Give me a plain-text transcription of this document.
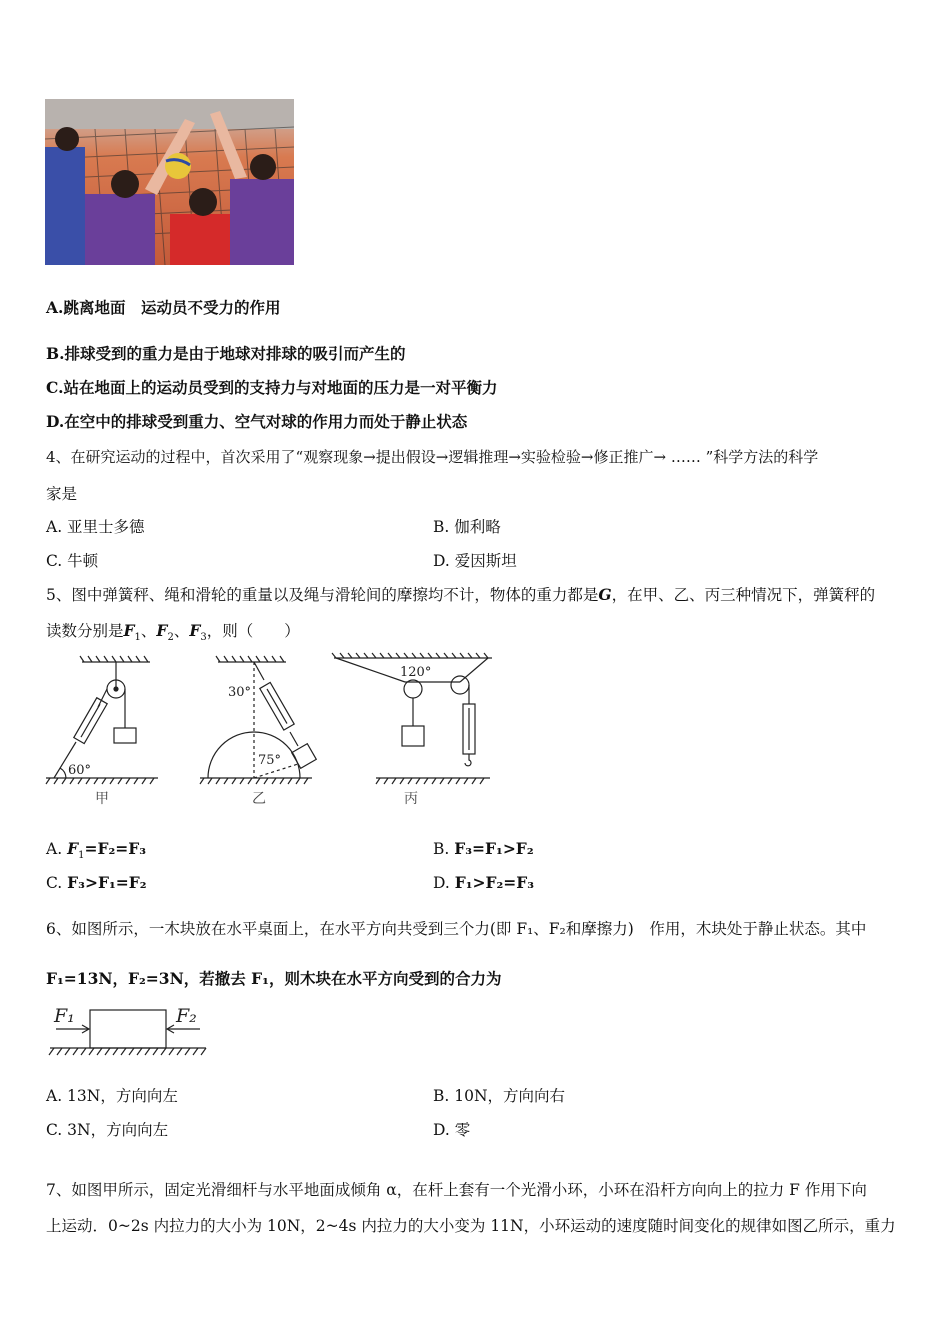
A.跳离地面　运动员不受力的作用
B.排球受到的重力是由于地球对排球的吸引而产生的
C.站在地面上的运动员受到的支持力与对地面的压力是一对平衡力
D.在空中的排球受到重力、空气对球的作用力而处于静止状态
4、在研究运动的过程中，首次采用了“观察现象→提出假设→逻辑推理→实验检验→修正推广→ …… ”科学方法的科学
家是
A. 亚里士多德	B. 伽利略
C. 牛顿	D. 爱因斯坦
5、图中弹簧秤、绳和滑轮的重量以及绳与滑轮间的摩擦均不计，物体的重力都是G，在甲、乙、丙三种情况下，弹簧秤的
读数分别是$F_1$、$F_2$、$F_3$，则（　　）
60°
甲
30°
75°
乙
120°
丙
A. $F_1=F_2=F_3$	B. F₃=F₁>F₂
C. F₃>F₁=F₂	D. F₁>F₂=F₃
6、如图所示，一木块放在水平桌面上，在水平方向共受到三个力(即 F₁、F₂和摩擦力)　作用，木块处于静止状态。其中
F₁=13N，F₂=3N，若撤去 F₁，则木块在水平方向受到的合力为
F₁	F₂
A. 13N，方向向左	B. 10N，方向向右
C. 3N，方向向左	D. 零
7、如图甲所示，固定光滑细杆与水平地面成倾角 α，在杆上套有一个光滑小环，小环在沿杆方向向上的拉力 F 作用下向
上运动．0~2s 内拉力的大小为 10N，2~4s 内拉力的大小变为 11N，小环运动的速度随时间变化的规律如图乙所示，重力
